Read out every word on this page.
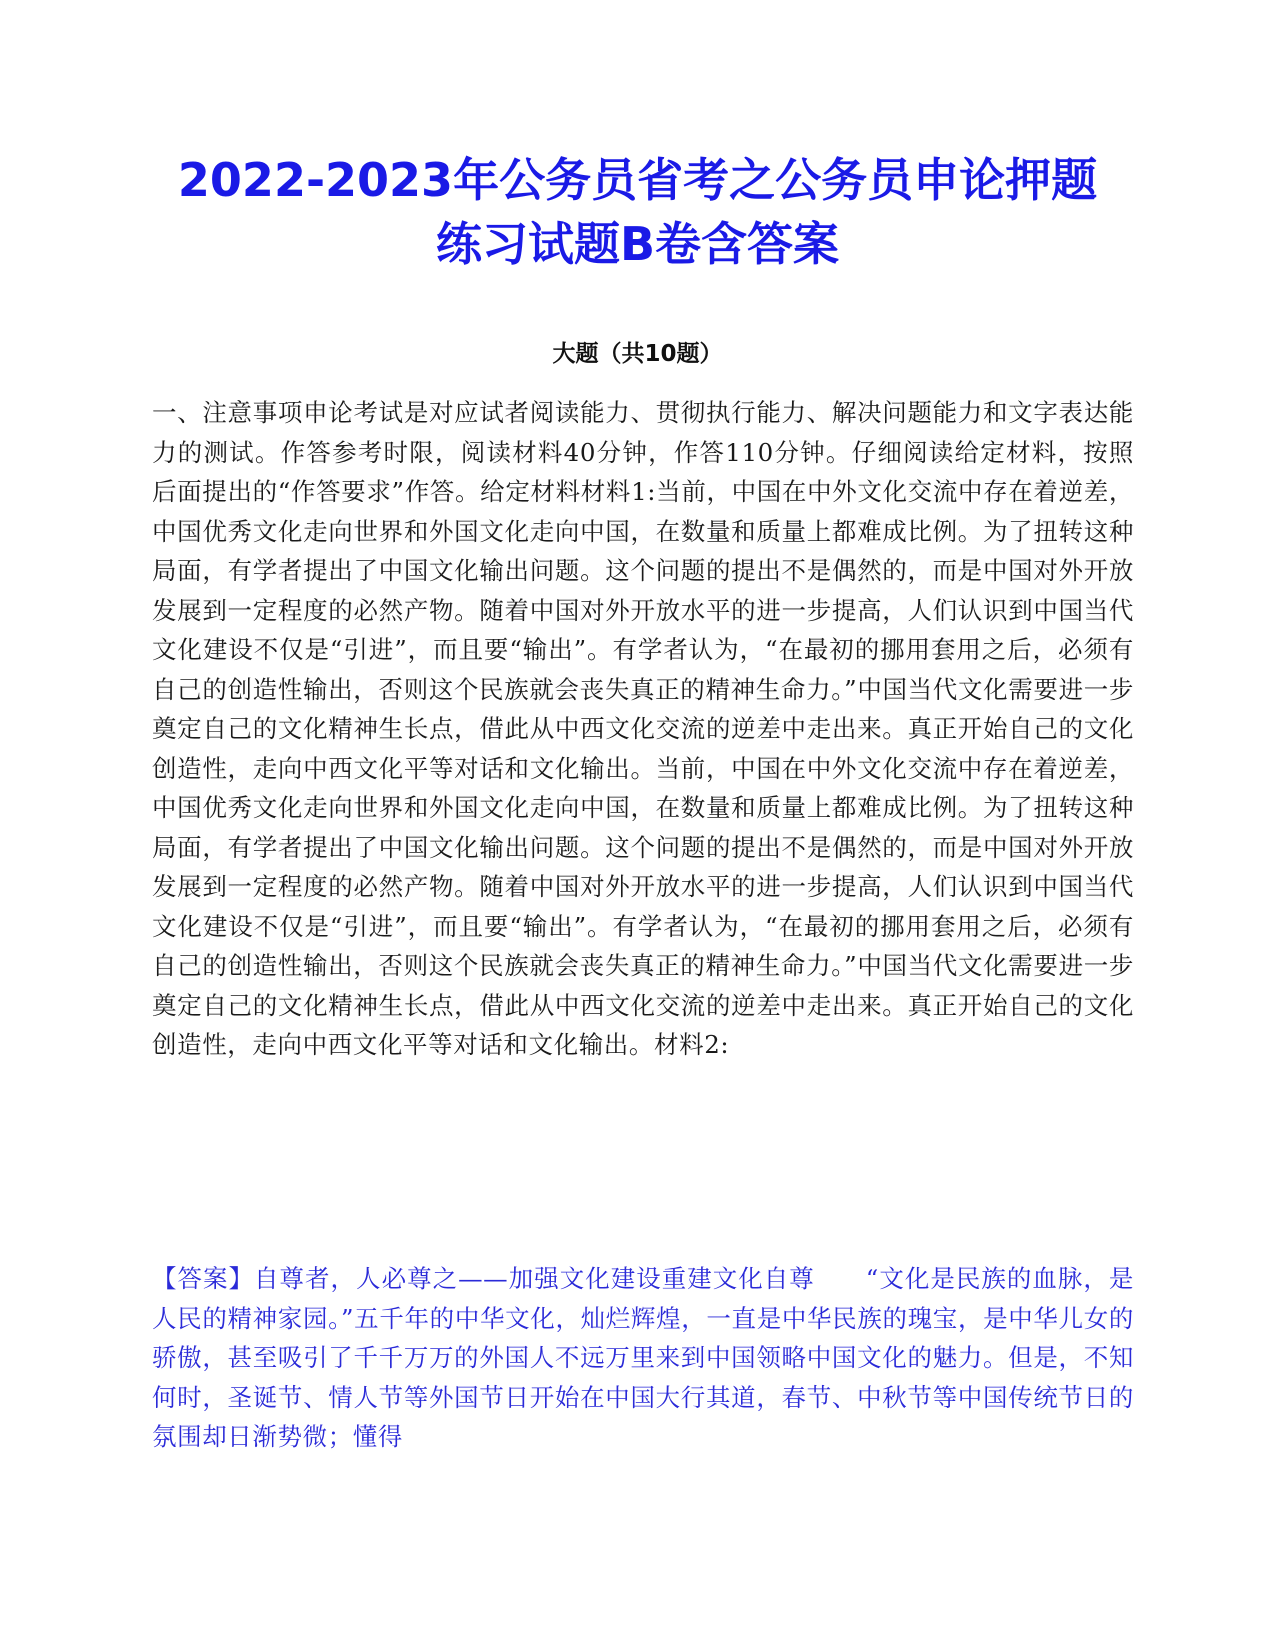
2022-2023年公务员省考之公务员申论押题
练习试题B卷含答案
大题（共10题）

一、注意事项申论考试是对应试者阅读能力、贯彻执行能力、解决问题能力和文字表达能力的测试。作答参考时限，阅读材料40分钟，作答110分钟。仔细阅读给定材料，按照后面提出的“作答要求”作答。给定材料材料1:当前，中国在中外文化交流中存在着逆差，中国优秀文化走向世界和外国文化走向中国，在数量和质量上都难成比例。为了扭转这种局面，有学者提出了中国文化输出问题。这个问题的提出不是偶然的，而是中国对外开放发展到一定程度的必然产物。随着中国对外开放水平的进一步提高，人们认识到中国当代文化建设不仅是“引进”，而且要“输出”。有学者认为，“在最初的挪用套用之后，必须有自己的创造性输出，否则这个民族就会丧失真正的精神生命力。”中国当代文化需要进一步奠定自己的文化精神生长点，借此从中西文化交流的逆差中走出来。真正开始自己的文化创造性，走向中西文化平等对话和文化输出。当前，中国在中外文化交流中存在着逆差，中国优秀文化走向世界和外国文化走向中国，在数量和质量上都难成比例。为了扭转这种局面，有学者提出了中国文化输出问题。这个问题的提出不是偶然的，而是中国对外开放发展到一定程度的必然产物。随着中国对外开放水平的进一步提高，人们认识到中国当代文化建设不仅是“引进”，而且要“输出”。有学者认为，“在最初的挪用套用之后，必须有自己的创造性输出，否则这个民族就会丧失真正的精神生命力。”中国当代文化需要进一步奠定自己的文化精神生长点，借此从中西文化交流的逆差中走出来。真正开始自己的文化创造性，走向中西文化平等对话和文化输出。材料2:

【答案】自尊者，人必尊之——加强文化建设重建文化自尊　　“文化是民族的血脉，是人民的精神家园。”五千年的中华文化，灿烂辉煌，一直是中华民族的瑰宝，是中华儿女的骄傲，甚至吸引了千千万万的外国人不远万里来到中国领略中国文化的魅力。但是，不知何时，圣诞节、情人节等外国节日开始在中国大行其道，春节、中秋节等中国传统节日的氛围却日渐势微；懂得
